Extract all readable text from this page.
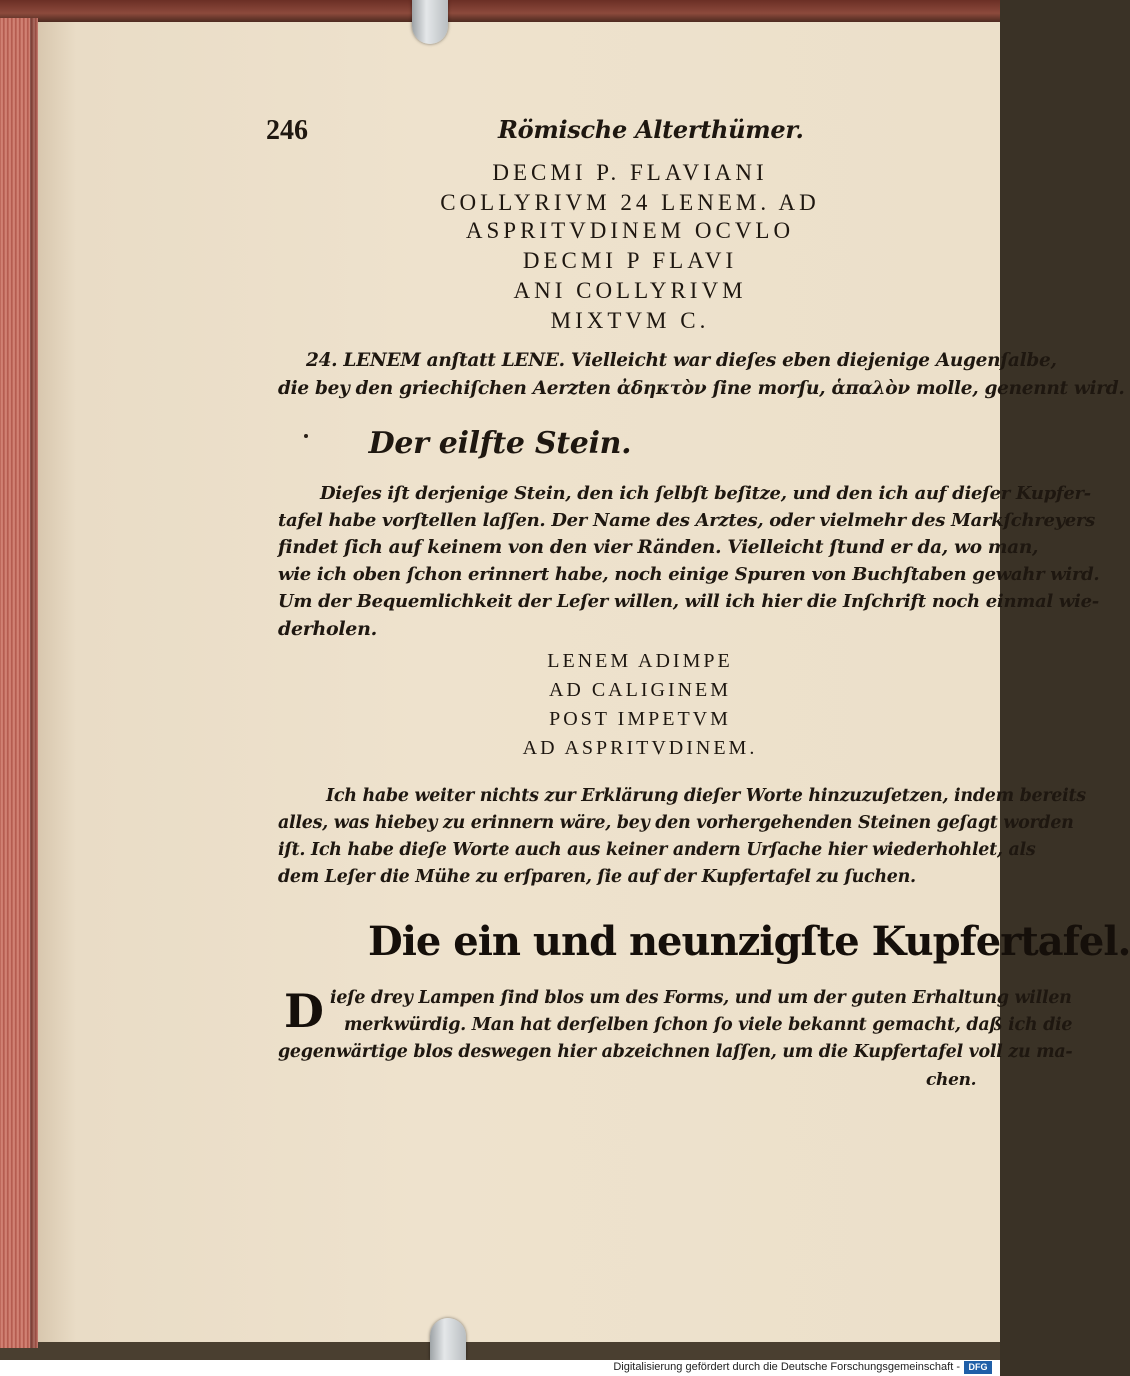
246	Römische Alterthümer.
DECMI P. FLAVIANI
COLLYRIVM 24 LENEM. AD
ASPRITVDINEM OCVLO
DECMI P FLAVI
ANI COLLYRIVM
MIXTVM C.
24. LENEM anſtatt LENE. Vielleicht war dieſes eben diejenige Augenſalbe,
die bey den griechiſchen Aerzten ἀδηκτὸν ſine morſu, ἁπαλὸν molle, genennt wird.
Der eilfte Stein.
Dieſes iſt derjenige Stein, den ich ſelbſt beſitze, und den ich auf dieſer Kupfer-
tafel habe vorſtellen laſſen. Der Name des Arztes, oder vielmehr des Markſchreyers
findet ſich auf keinem von den vier Ränden. Vielleicht ſtund er da, wo man,
wie ich oben ſchon erinnert habe, noch einige Spuren von Buchſtaben gewahr wird.
Um der Bequemlichkeit der Leſer willen, will ich hier die Inſchrift noch einmal wie-
derholen.
LENEM ADIMPE
AD CALIGINEM
POST IMPETVM
AD ASPRITVDINEM.
Ich habe weiter nichts zur Erklärung dieſer Worte hinzuzuſetzen, indem bereits
alles, was hiebey zu erinnern wäre, bey den vorhergehenden Steinen geſagt worden
iſt. Ich habe dieſe Worte auch aus keiner andern Urſache hier wiederhohlet, als
dem Leſer die Mühe zu erſparen, ſie auf der Kupfertafel zu ſuchen.
Die ein und neunzigſte Kupfertafel.
D ieſe drey Lampen ſind blos um des Forms, und um der guten Erhaltung willen
merkwürdig. Man hat derſelben ſchon ſo viele bekannt gemacht, daß ich die
gegenwärtige blos deswegen hier abzeichnen laſſen, um die Kupfertafel voll zu ma-
chen.
Digitalisierung gefördert durch die Deutsche Forschungsgemeinschaft - DFG
